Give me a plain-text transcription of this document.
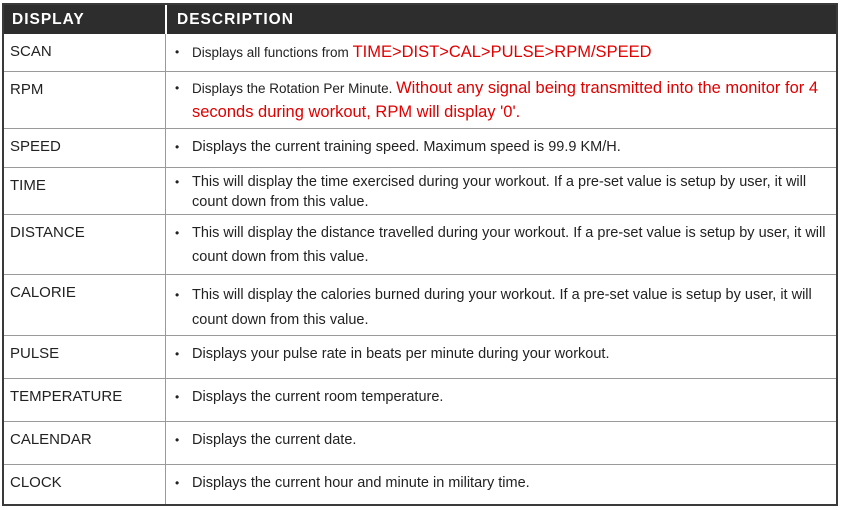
DISPLAY	DESCRIPTION
SCAN	• Displays all functions from TIME>DIST>CAL>PULSE>RPM/SPEED
RPM	• Displays the Rotation Per Minute. Without any signal being transmitted into the monitor for 4 seconds during workout, RPM will display '0'.
SPEED	• Displays the current training speed. Maximum speed is 99.9 KM/H.
TIME	• This will display the time exercised during your workout. If a pre-set value is setup by user, it will count down from this value.
DISTANCE	• This will display the distance travelled during your workout. If a pre-set value is setup by user, it will count down from this value.
CALORIE	• This will display the calories burned during your workout. If a pre-set value is setup by user, it will count down from this value.
PULSE	• Displays your pulse rate in beats per minute during your workout.
TEMPERATURE	• Displays the current room temperature.
CALENDAR	• Displays the current date.
CLOCK	• Displays the current hour and minute in military time.
